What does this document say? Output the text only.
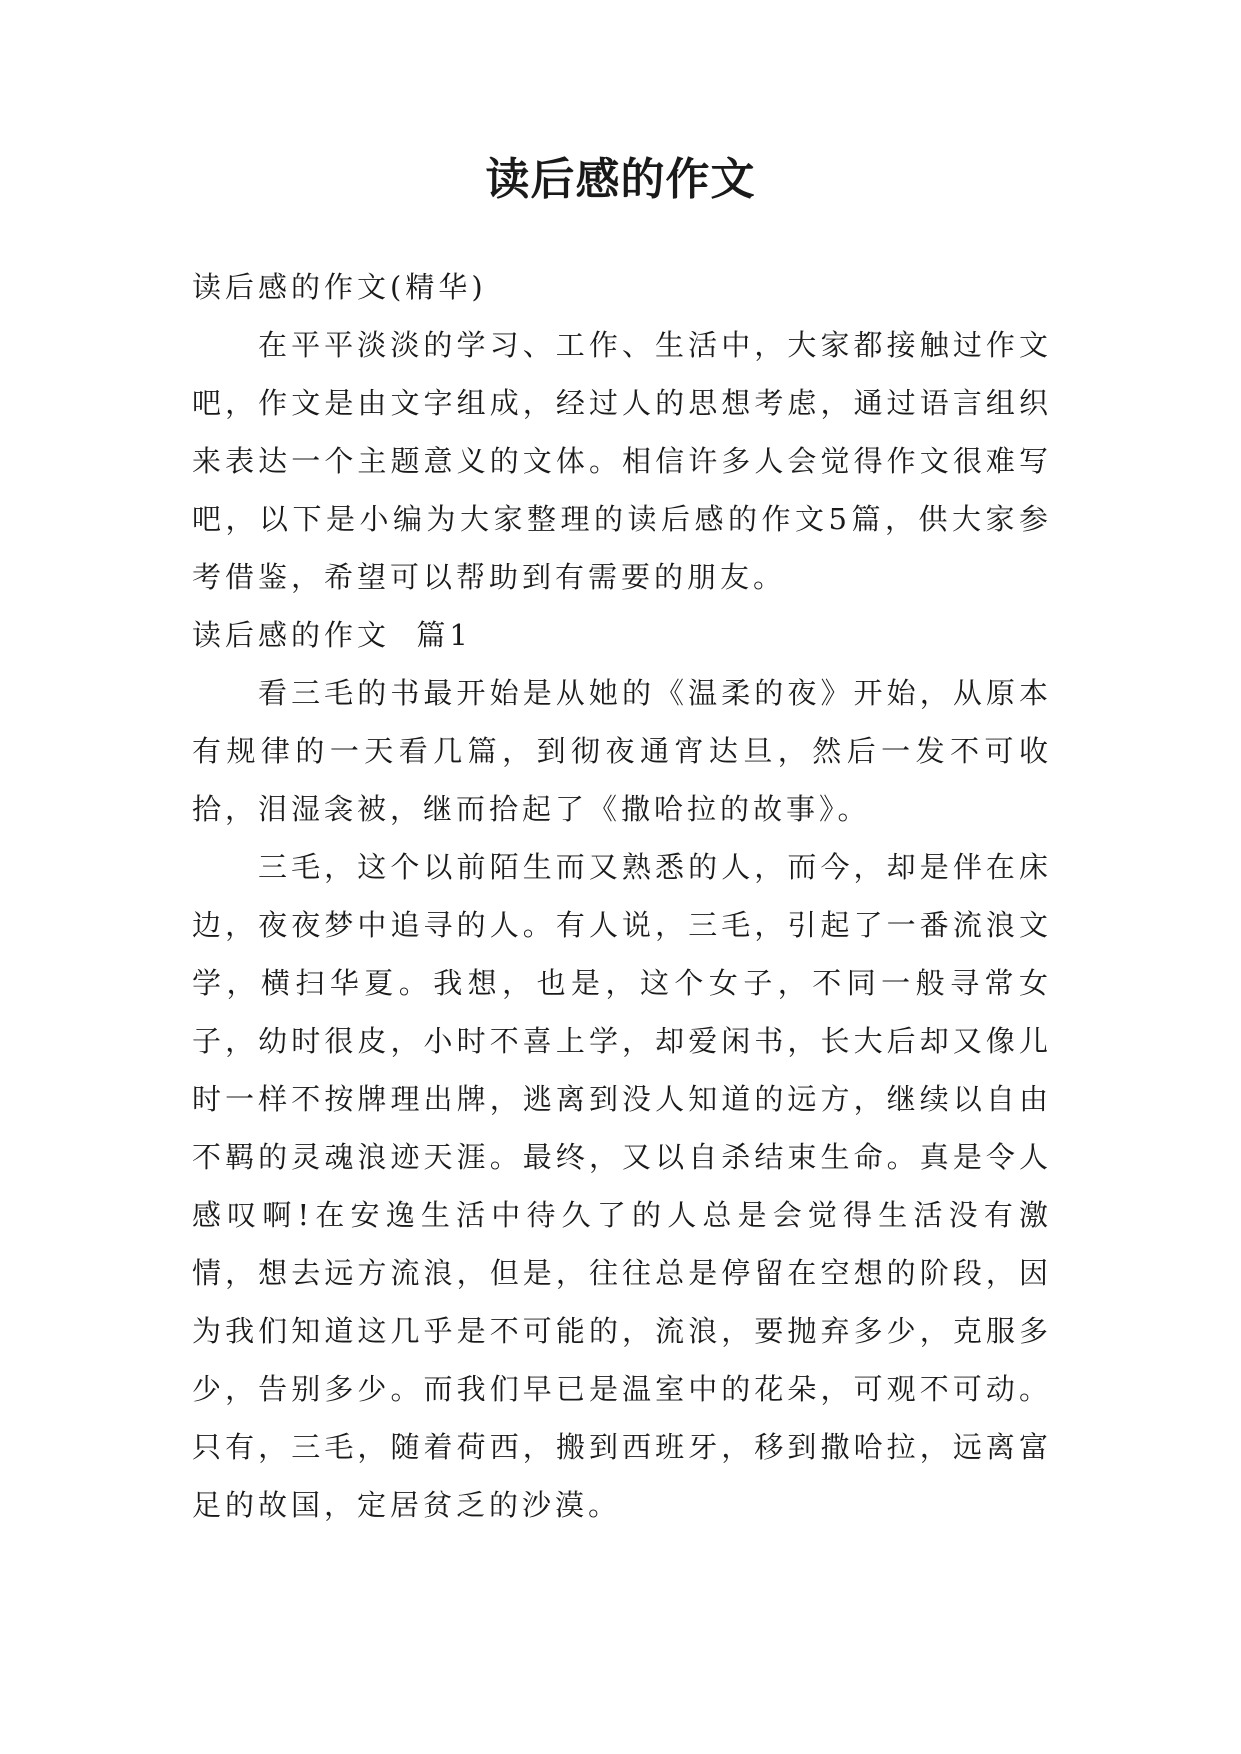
读后感的作文

读后感的作文(精华)

在平平淡淡的学习、工作、生活中，大家都接触过作文吧，作文是由文字组成，经过人的思想考虑，通过语言组织来表达一个主题意义的文体。相信许多人会觉得作文很难写吧，以下是小编为大家整理的读后感的作文5篇，供大家参考借鉴，希望可以帮助到有需要的朋友。

读后感的作文  篇1

看三毛的书最开始是从她的《温柔的夜》开始，从原本有规律的一天看几篇，到彻夜通宵达旦，然后一发不可收拾，泪湿衾被，继而拾起了《撒哈拉的故事》。

三毛，这个以前陌生而又熟悉的人，而今，却是伴在床边，夜夜梦中追寻的人。有人说，三毛，引起了一番流浪文学，横扫华夏。我想，也是，这个女子，不同一般寻常女子，幼时很皮，小时不喜上学，却爱闲书，长大后却又像儿时一样不按牌理出牌，逃离到没人知道的远方，继续以自由不羁的灵魂浪迹天涯。最终，又以自杀结束生命。真是令人感叹啊!在安逸生活中待久了的人总是会觉得生活没有激情，想去远方流浪，但是，往往总是停留在空想的阶段，因为我们知道这几乎是不可能的，流浪，要抛弃多少，克服多少，告别多少。而我们早已是温室中的花朵，可观不可动。只有，三毛，随着荷西，搬到西班牙，移到撒哈拉，远离富足的故国，定居贫乏的沙漠。
